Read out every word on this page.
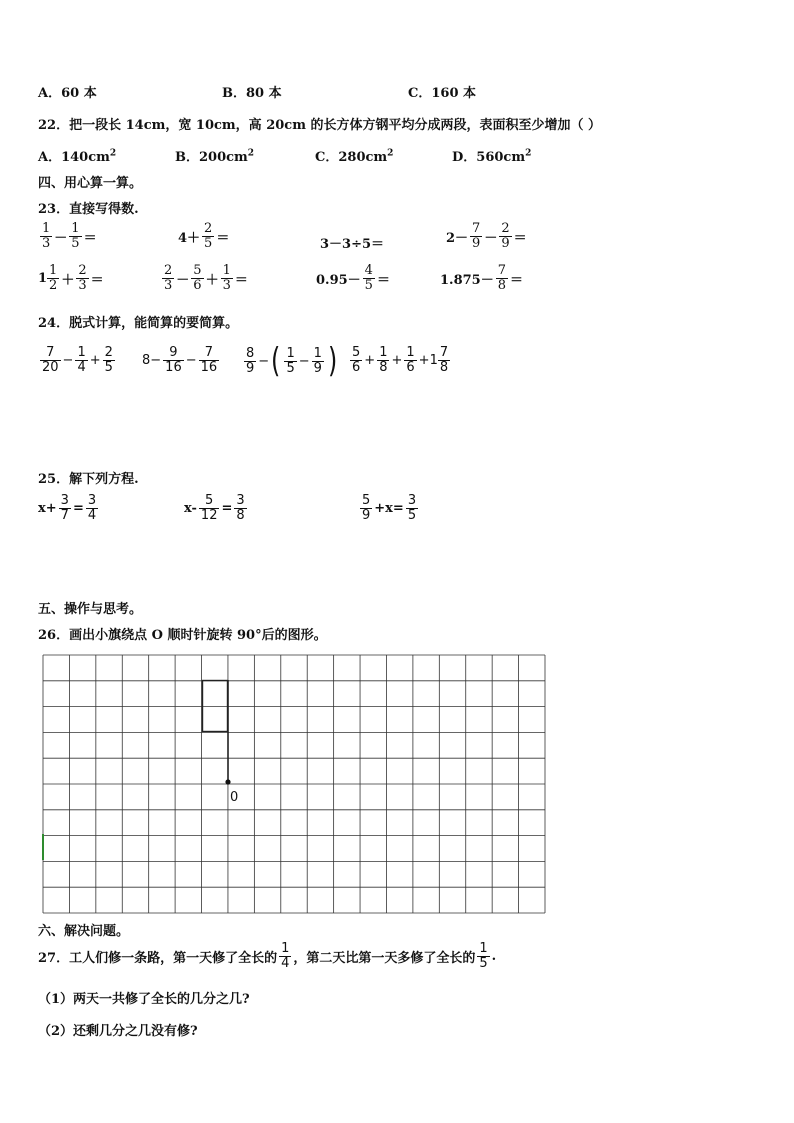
A．60 本	B．80 本	C．160 本
22．把一段长 14cm，宽 10cm，高 20cm 的长方体方钢平均分成两段，表面积至少增加（ ）
A．$140cm^2$	B．$200cm^2$	C．$280cm^2$	D．$560cm^2$
四、用心算一算。
23．直接写得数.
$\frac{1}{3} - \frac{1}{5}$ ＝	$4+ \frac{2}{5}$ ＝	3－3÷5＝	$2- \frac{7}{9} - \frac{2}{9}$ ＝
$1 \frac{1}{2} + \frac{2}{3}$ ＝	$\frac{2}{3} - \frac{5}{6} + \frac{1}{3}$ ＝	$0.95- \frac{4}{5}$ ＝	$1.875- \frac{7}{8}$ ＝
24．脱式计算，能简算的要简算。
$\frac{7}{20} - \frac{1}{4} + \frac{2}{5} 8- \frac{9}{16} - \frac{7}{16} \frac{8}{9}$ − ( $\frac{1}{5} - \frac{1}{9}$ ) $\frac{5}{6} + \frac{1}{8} + \frac{1}{6} + 1 \frac{7}{8}$
25．解下列方程.
$x+ \frac{3}{7} = \frac{3}{4}$	$x- \frac{5}{12} = \frac{3}{8}$	$\frac{5}{9} +x= \frac{3}{5}$
五、操作与思考。
26．画出小旗绕点 O 顺时针旋转 90°后的图形。
0
六、解决问题。
27．工人们修一条路，第一天修了全长的 $\frac{1}{4}$ ，第二天比第一天多修了全长的 $\frac{1}{5}$ .
（1）两天一共修了全长的几分之几?
（2）还剩几分之几没有修?
